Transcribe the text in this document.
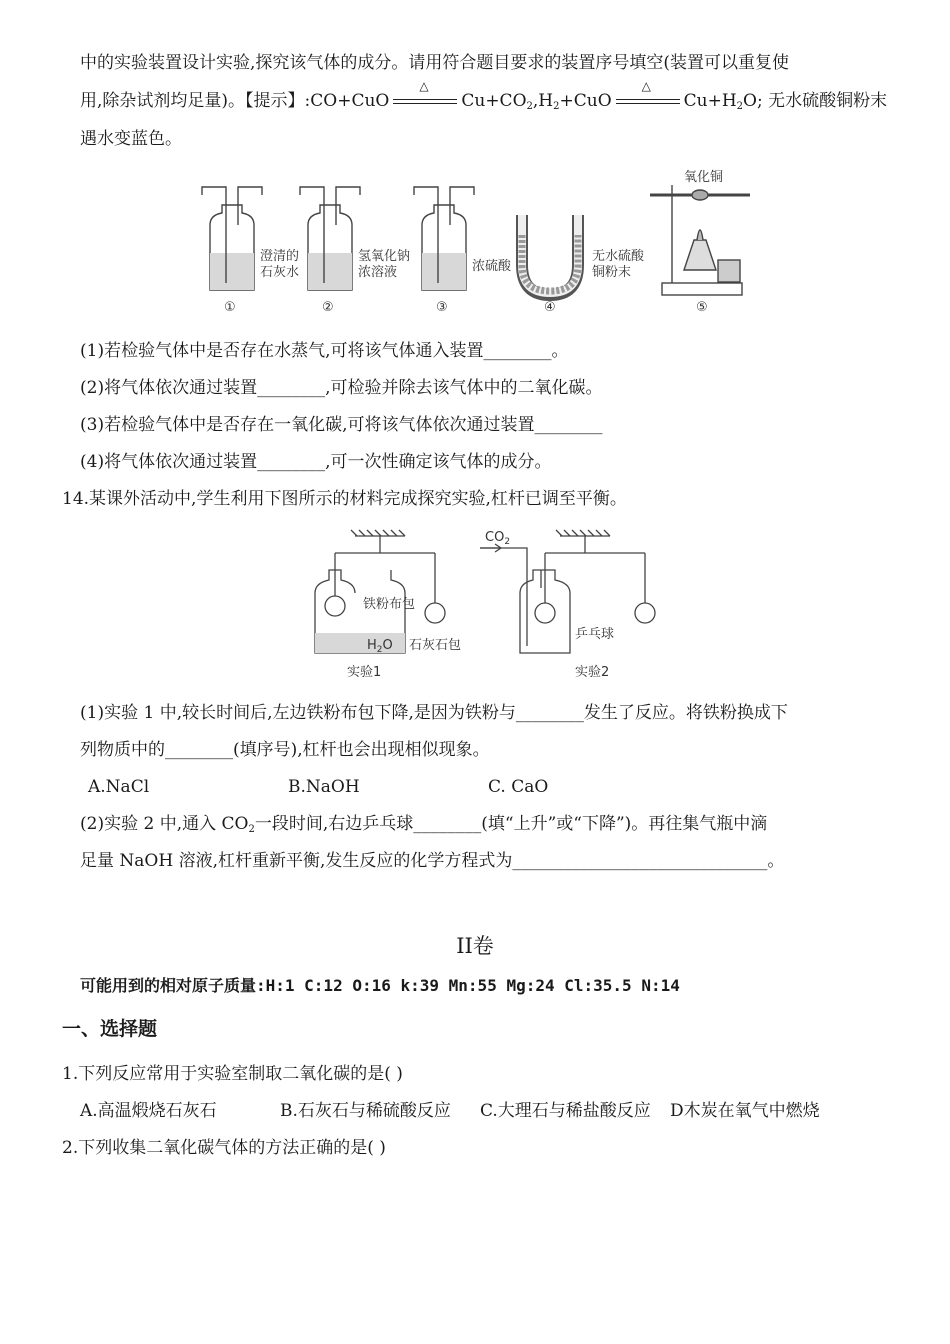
中的实验装置设计实验,探究该气体的成分。请用符合题目要求的装置序号填空(装置可以重复使
用,除杂试剂均足量)。【提示】:CO+CuO
△
$Cu+CO_2,H_2+CuO$
△
$Cu+H_2O$; 无水硫酸铜粉末
遇水变蓝色。
澄清的
石灰水
氢氧化钠
浓溶液	浓硫酸
无水硫酸
铜粉末
氧化铜
①	②	③	④	⑤
(1)若检验气体中是否存在水蒸气,可将该气体通入装置________。
(2)将气体依次通过装置________,可检验并除去该气体中的二氧化碳。
(3)若检验气体中是否存在一氧化碳,可将该气体依次通过装置________
(4)将气体依次通过装置________,可一次性确定该气体的成分。
14.某课外活动中,学生利用下图所示的材料完成探究实验,杠杆已调至平衡。
铁粉布包
$H_2O$ 石灰石包
实验1
$CO_2$
乒乓球
实验2
(1)实验 1 中,较长时间后,左边铁粉布包下降,是因为铁粉与________发生了反应。将铁粉换成下
列物质中的________(填序号),杠杆也会出现相似现象。
A.NaCl	B.NaOH	C. CaO
(2)实验 2 中,通入 $CO_2$一段时间,右边乒乓球________(填“上升”或“下降”)。再往集气瓶中滴
足量 NaOH 溶液,杠杆重新平衡,发生反应的化学方程式为______________________________。
II卷
可能用到的相对原子质量:H:1 C:12 O:16 k:39 Mn:55 Mg:24 Cl:35.5 N:14
一、选择题
1.下列反应常用于实验室制取二氧化碳的是( )
A.高温煅烧石灰石	B.石灰石与稀硫酸反应 C.大理石与稀盐酸反应 D木炭在氧气中燃烧
2.下列收集二氧化碳气体的方法正确的是( )
